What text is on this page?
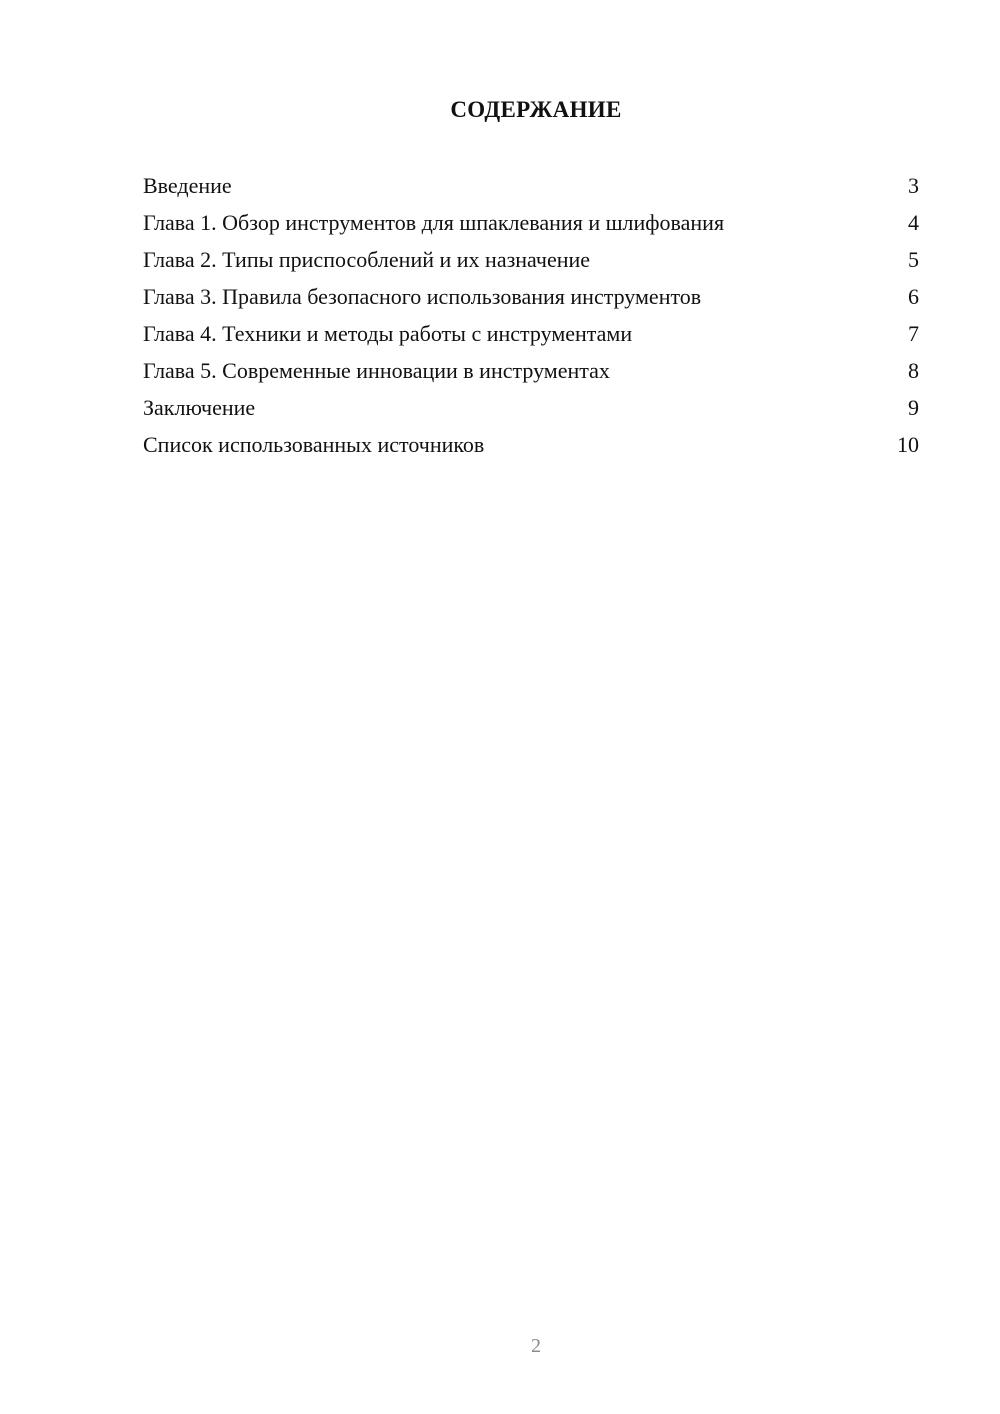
СОДЕРЖАНИЕ
Введение	3
Глава 1. Обзор инструментов для шпаклевания и шлифования	4
Глава 2. Типы приспособлений и их назначение	5
Глава 3. Правила безопасного использования инструментов	6
Глава 4. Техники и методы работы с инструментами	7
Глава 5. Современные инновации в инструментах	8
Заключение	9
Список использованных источников	10
2
